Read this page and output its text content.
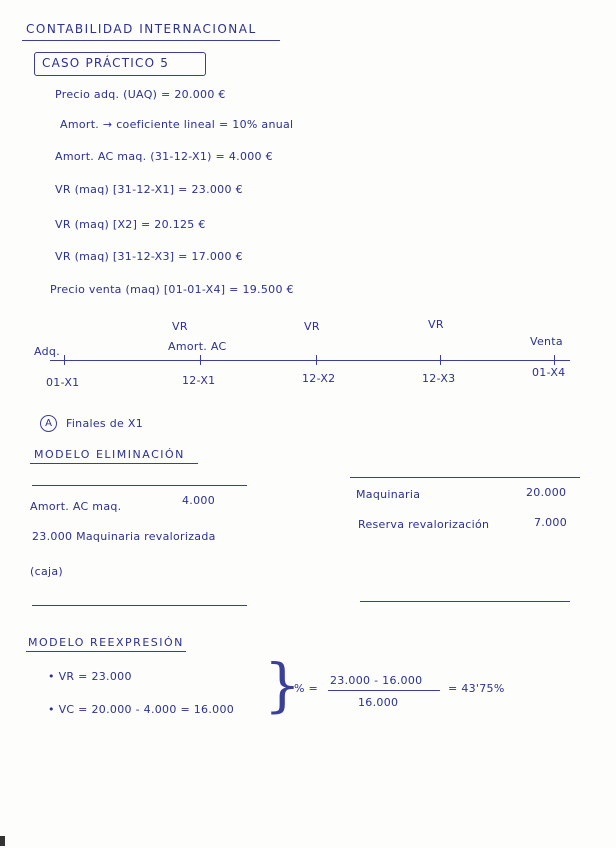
CONTABILIDAD INTERNACIONAL
CASO PRÁCTICO 5
Precio adq. (UAQ) = 20.000 €
Amort. → coeficiente lineal = 10% anual
Amort. AC maq. (31-12-X1) = 4.000 €
VR (maq) [31-12-X1] = 23.000 €
VR (maq) [X2] = 20.125 €
VR (maq) [31-12-X3] = 17.000 €
Precio venta (maq) [01-01-X4] = 19.500 €
VR	VR	VR
Adq.	Amort. AC	Venta
01-X1	12-X1	12-X2	12-X3	01-X4
A	Finales de X1
MODELO ELIMINACIÓN
Amort. AC maq.	4.000
23.000 Maquinaria revalorizada
(caja)
Maquinaria	20.000
Reserva revalorización	7.000
MODELO REEXPRESIÓN
• VR = 23.000
• VC = 20.000 - 4.000 = 16.000 }
% =
23.000 - 16.000
16.000
= 43'75%
